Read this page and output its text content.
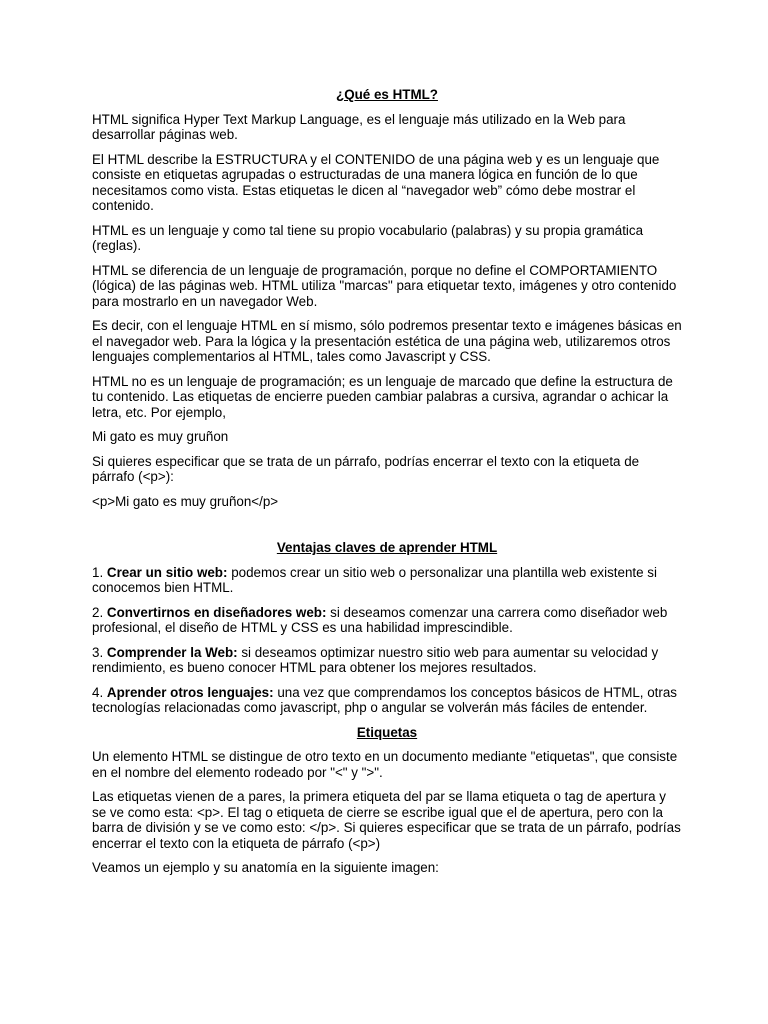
¿Qué es HTML?

HTML significa Hyper Text Markup Language, es el lenguaje más utilizado en la Web para desarrollar páginas web.

El HTML describe la ESTRUCTURA y el CONTENIDO de una página web y es un lenguaje que consiste en etiquetas agrupadas o estructuradas de una manera lógica en función de lo que necesitamos como vista. Estas etiquetas le dicen al “navegador web” cómo debe mostrar el contenido.

HTML es un lenguaje y como tal tiene su propio vocabulario (palabras) y su propia gramática (reglas).

HTML se diferencia de un lenguaje de programación, porque no define el COMPORTAMIENTO (lógica) de las páginas web. HTML utiliza "marcas" para etiquetar texto, imágenes y otro contenido para mostrarlo en un navegador Web.

Es decir, con el lenguaje HTML en sí mismo, sólo podremos presentar texto e imágenes básicas en el navegador web. Para la lógica y la presentación estética de una página web, utilizaremos otros lenguajes complementarios al HTML, tales como Javascript y CSS.

HTML no es un lenguaje de programación; es un lenguaje de marcado que define la estructura de tu contenido. Las etiquetas de encierre pueden cambiar palabras a cursiva, agrandar o achicar la letra, etc. Por ejemplo,

Mi gato es muy gruñon

Si quieres especificar que se trata de un párrafo, podrías encerrar el texto con la etiqueta de párrafo (<p>):

<p>Mi gato es muy gruñon</p>

Ventajas claves de aprender HTML

1. Crear un sitio web: podemos crear un sitio web o personalizar una plantilla web existente si conocemos bien HTML.

2. Convertirnos en diseñadores web: si deseamos comenzar una carrera como diseñador web profesional, el diseño de HTML y CSS es una habilidad imprescindible.

3. Comprender la Web: si deseamos optimizar nuestro sitio web para aumentar su velocidad y rendimiento, es bueno conocer HTML para obtener los mejores resultados.

4. Aprender otros lenguajes: una vez que comprendamos los conceptos básicos de HTML, otras tecnologías relacionadas como javascript, php o angular se volverán más fáciles de entender.

Etiquetas

Un elemento HTML se distingue de otro texto en un documento mediante "etiquetas", que consiste en el nombre del elemento rodeado por "<" y ">".

Las etiquetas vienen de a pares, la primera etiqueta del par se llama etiqueta o tag de apertura y se ve como esta: <p>. El tag o etiqueta de cierre se escribe igual que el de apertura, pero con la barra de división y se ve como esto: </p>. Si quieres especificar que se trata de un párrafo, podrías encerrar el texto con la etiqueta de párrafo (<p>)

Veamos un ejemplo y su anatomía en la siguiente imagen:
